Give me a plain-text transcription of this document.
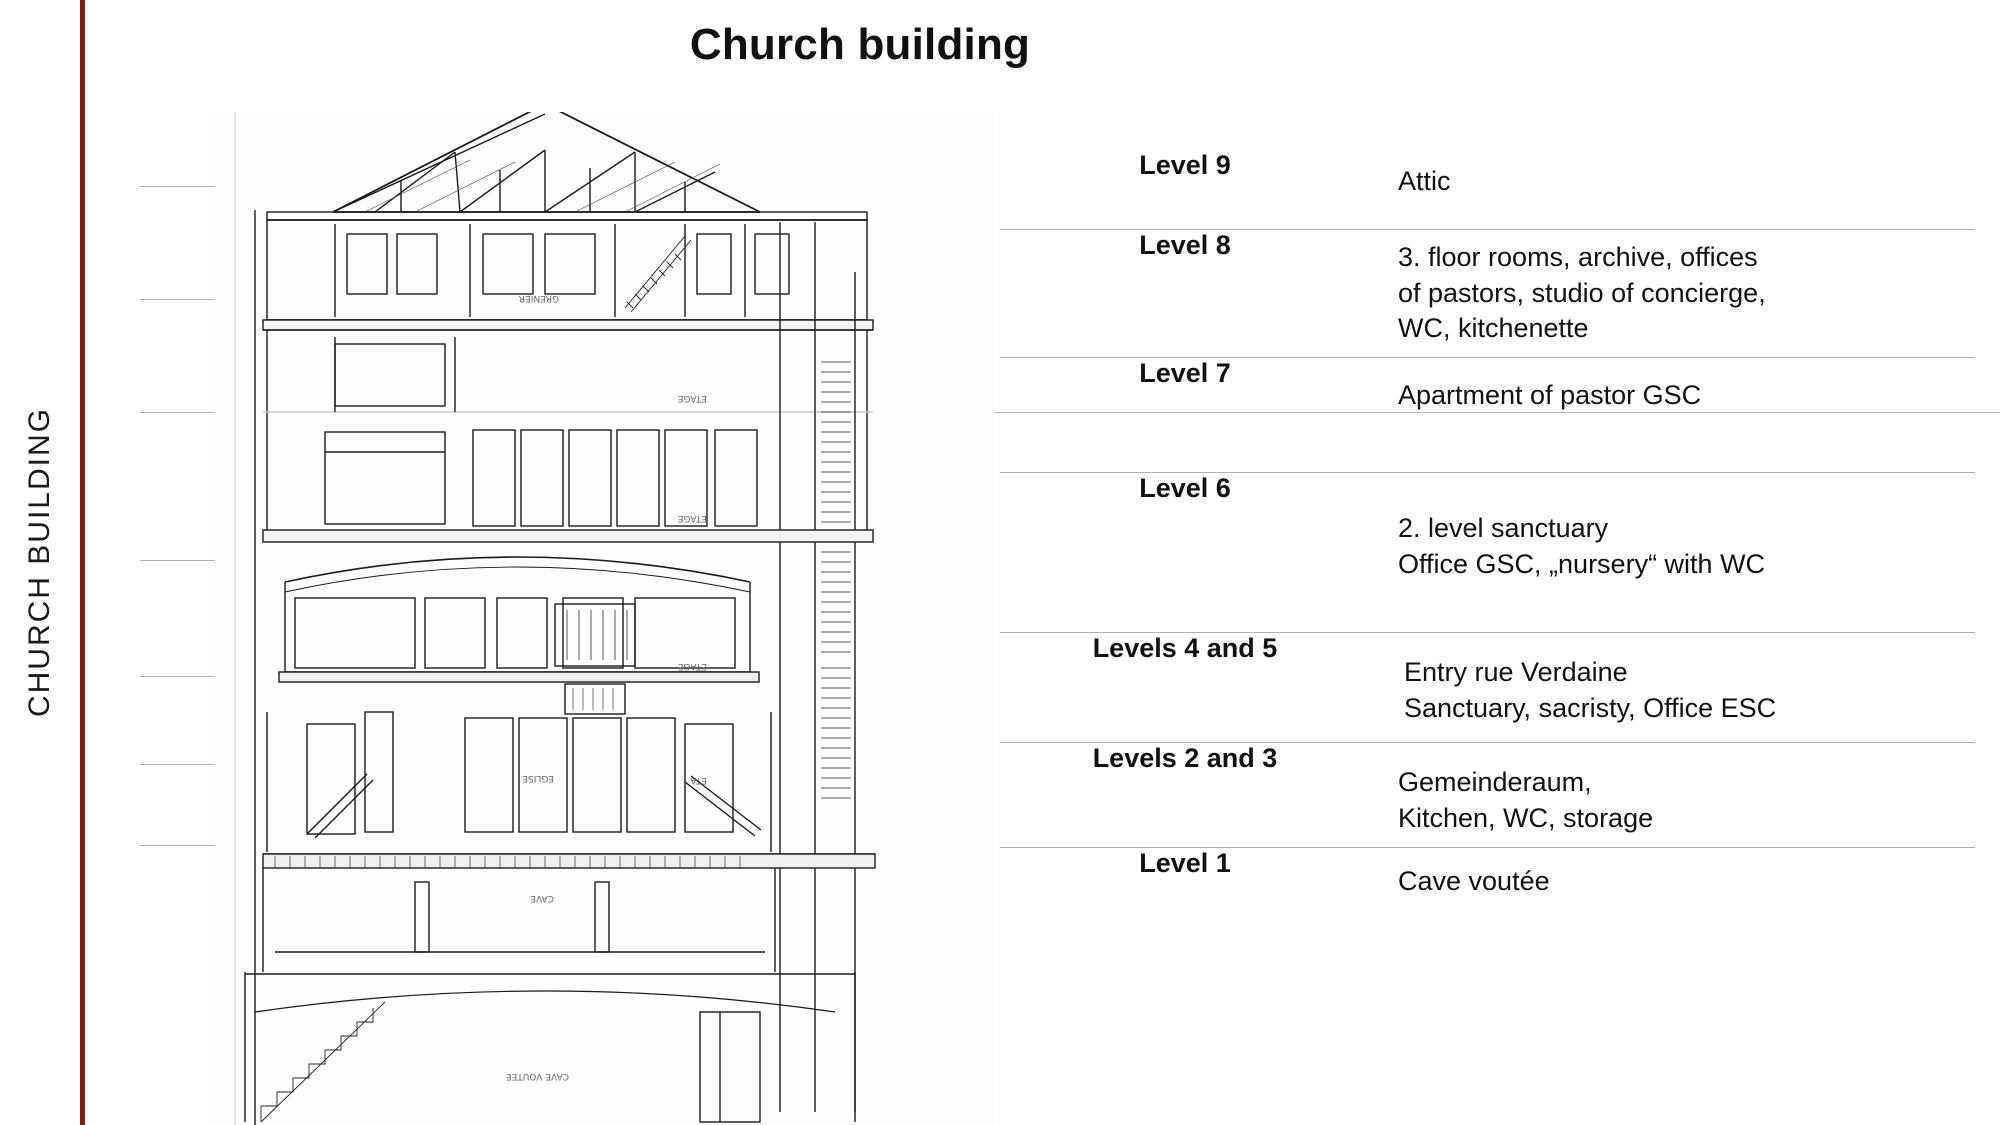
CHURCH BUILDING
Church building
GRENIER
ETAGE
ETAGE
ETAGE
ETA
EGLISE
CAVE
CAVE VOUTEE
Level 9
Attic
Level 8	3. floor rooms, archive, offices
of pastors, studio of concierge,
WC, kitchenette
Level 7
Apartment of pastor GSC
Level 6
2. level sanctuary
Office GSC, „nursery“ with WC
Levels 4 and 5
Entry rue Verdaine
Sanctuary, sacristy, Office ESC
Levels 2 and 3
Gemeinderaum,
Kitchen, WC, storage
Level 1
Cave voutée
